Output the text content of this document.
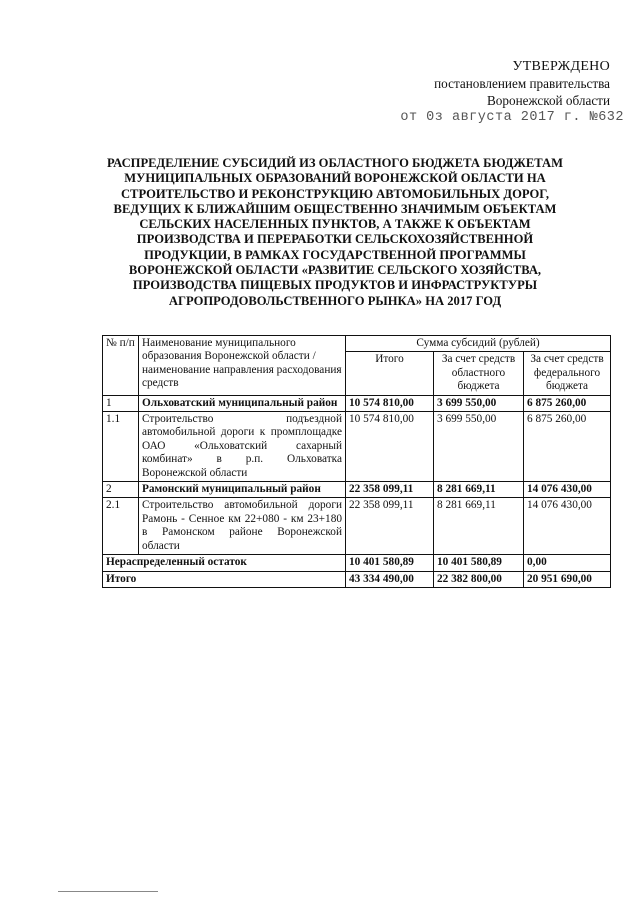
УТВЕРЖДЕНО
постановлением правительства
Воронежской области
от 0з августа 2017 г. №632
РАСПРЕДЕЛЕНИЕ СУБСИДИЙ ИЗ ОБЛАСТНОГО БЮДЖЕТА БЮДЖЕТАМ МУНИЦИПАЛЬНЫХ ОБРАЗОВАНИЙ ВОРОНЕЖСКОЙ ОБЛАСТИ НА СТРОИТЕЛЬСТВО И РЕКОНСТРУКЦИЮ АВТОМОБИЛЬНЫХ ДОРОГ, ВЕДУЩИХ К БЛИЖАЙШИМ ОБЩЕСТВЕННО ЗНАЧИМЫМ ОБЪЕКТАМ СЕЛЬСКИХ НАСЕЛЕННЫХ ПУНКТОВ, А ТАКЖЕ К ОБЪЕКТАМ ПРОИЗВОДСТВА И ПЕРЕРАБОТКИ СЕЛЬСКОХОЗЯЙСТВЕННОЙ ПРОДУКЦИИ, В РАМКАХ ГОСУДАРСТВЕННОЙ ПРОГРАММЫ ВОРОНЕЖСКОЙ ОБЛАСТИ «РАЗВИТИЕ СЕЛЬСКОГО ХОЗЯЙСТВА, ПРОИЗВОДСТВА ПИЩЕВЫХ ПРОДУКТОВ И ИНФРАСТРУКТУРЫ АГРОПРОДОВОЛЬСТВЕННОГО РЫНКА» НА 2017 ГОД
№ п/п	Наименование муниципального образования Воронежской области / наименование направления расходования средств	Сумма субсидий (рублей)		
		Итого	За счет средств областного бюджета	За счет средств федерального бюджета
1	Ольховатский муниципальный район	10 574 810,00	3 699 550,00	6 875 260,00
1.1	Строительство подъездной автомобильной дороги к промплощадке ОАО «Ольховатский сахарный комбинат» в р.п. Ольховатка Воронежской области	10 574 810,00	3 699 550,00	6 875 260,00
2	Рамонский муниципальный район	22 358 099,11	8 281 669,11	14 076 430,00
2.1	Строительство автомобильной дороги Рамонь - Сенное км 22+080 - км 23+180 в Рамонском районе Воронежской области	22 358 099,11	8 281 669,11	14 076 430,00
Нераспределенный остаток		10 401 580,89	10 401 580,89	0,00
Итого		43 334 490,00	22 382 800,00	20 951 690,00
